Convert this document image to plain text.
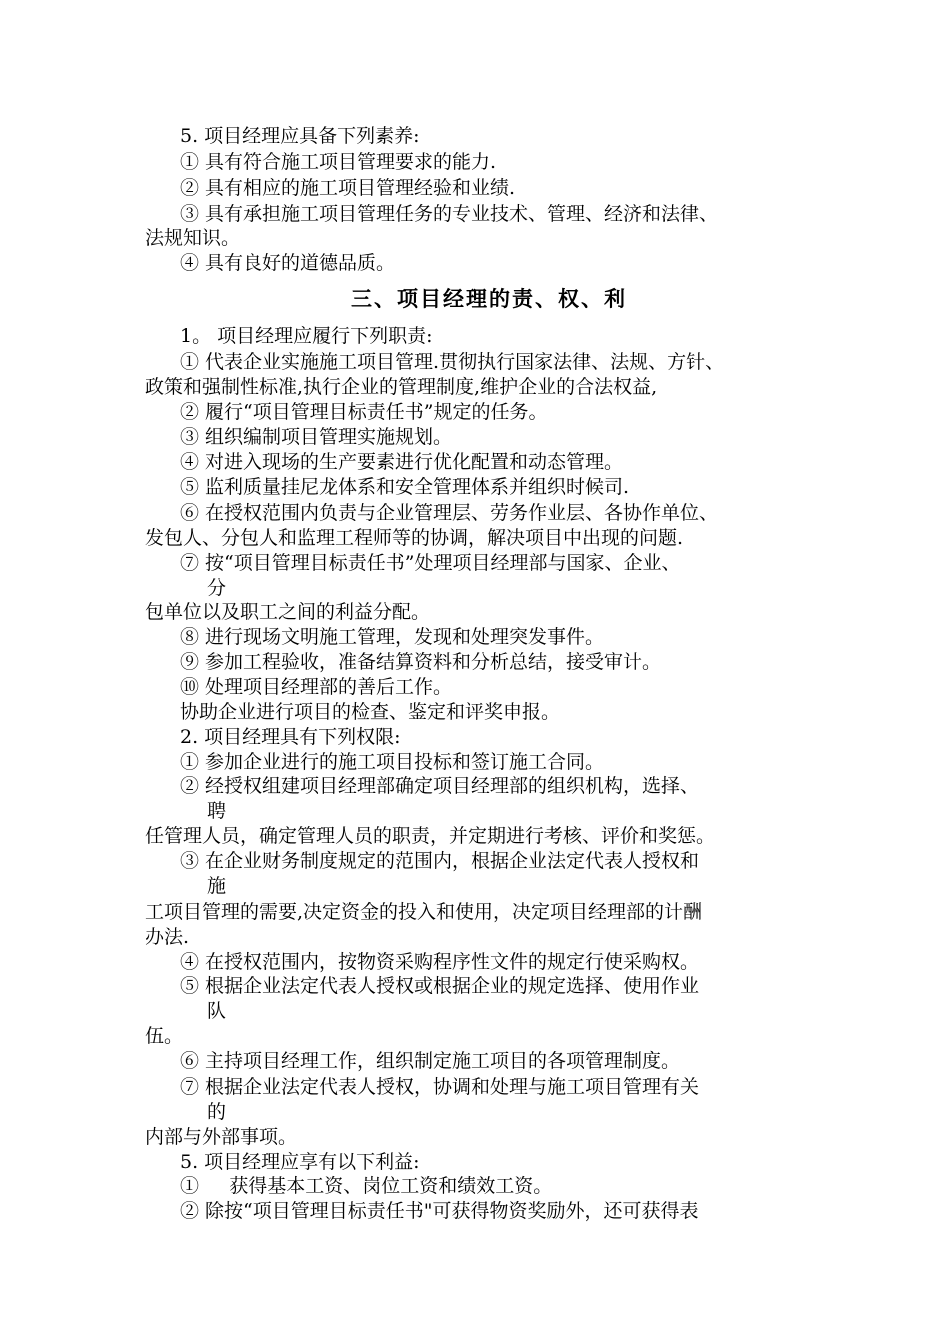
5. 项目经理应具备下列素养:
① 具有符合施工项目管理要求的能力.
② 具有相应的施工项目管理经验和业绩.
③ 具有承担施工项目管理任务的专业技术、管理、经济和法律、
法规知识。
④ 具有良好的道德品质。
三、项目经理的责、权、利
1。 项目经理应履行下列职责:
① 代表企业实施施工项目管理.贯彻执行国家法律、法规、方针、
政策和强制性标准,执行企业的管理制度,维护企业的合法权益,
② 履行“项目管理目标责任书”规定的任务。
③ 组织编制项目管理实施规划。
④ 对进入现场的生产要素进行优化配置和动态管理。
⑤ 监利质量挂尼龙体系和安全管理体系并组织时候司.
⑥ 在授权范围内负责与企业管理层、劳务作业层、各协作单位、
发包人、分包人和监理工程师等的协调，解决项目中出现的问题.
⑦ 按“项目管理目标责任书”处理项目经理部与国家、企业、
分
包单位以及职工之间的利益分配。
⑧ 进行现场文明施工管理，发现和处理突发事件。
⑨ 参加工程验收，准备结算资料和分析总结，接受审计。
⑩ 处理项目经理部的善后工作。
协助企业进行项目的检查、鉴定和评奖申报。
2. 项目经理具有下列权限:
① 参加企业进行的施工项目投标和签订施工合同。
② 经授权组建项目经理部确定项目经理部的组织机构，选择、
聘
任管理人员，确定管理人员的职责，并定期进行考核、评价和奖惩。
③ 在企业财务制度规定的范围内，根据企业法定代表人授权和
施
工项目管理的需要,决定资金的投入和使用，决定项目经理部的计酬
办法.
④ 在授权范围内，按物资采购程序性文件的规定行使采购权。
⑤ 根据企业法定代表人授权或根据企业的规定选择、使用作业
队
伍。
⑥ 主持项目经理工作，组织制定施工项目的各项管理制度。
⑦ 根据企业法定代表人授权，协调和处理与施工项目管理有关
的
内部与外部事项。
5. 项目经理应享有以下利益:
①     获得基本工资、岗位工资和绩效工资。
② 除按“项目管理目标责任书"可获得物资奖励外，还可获得表
